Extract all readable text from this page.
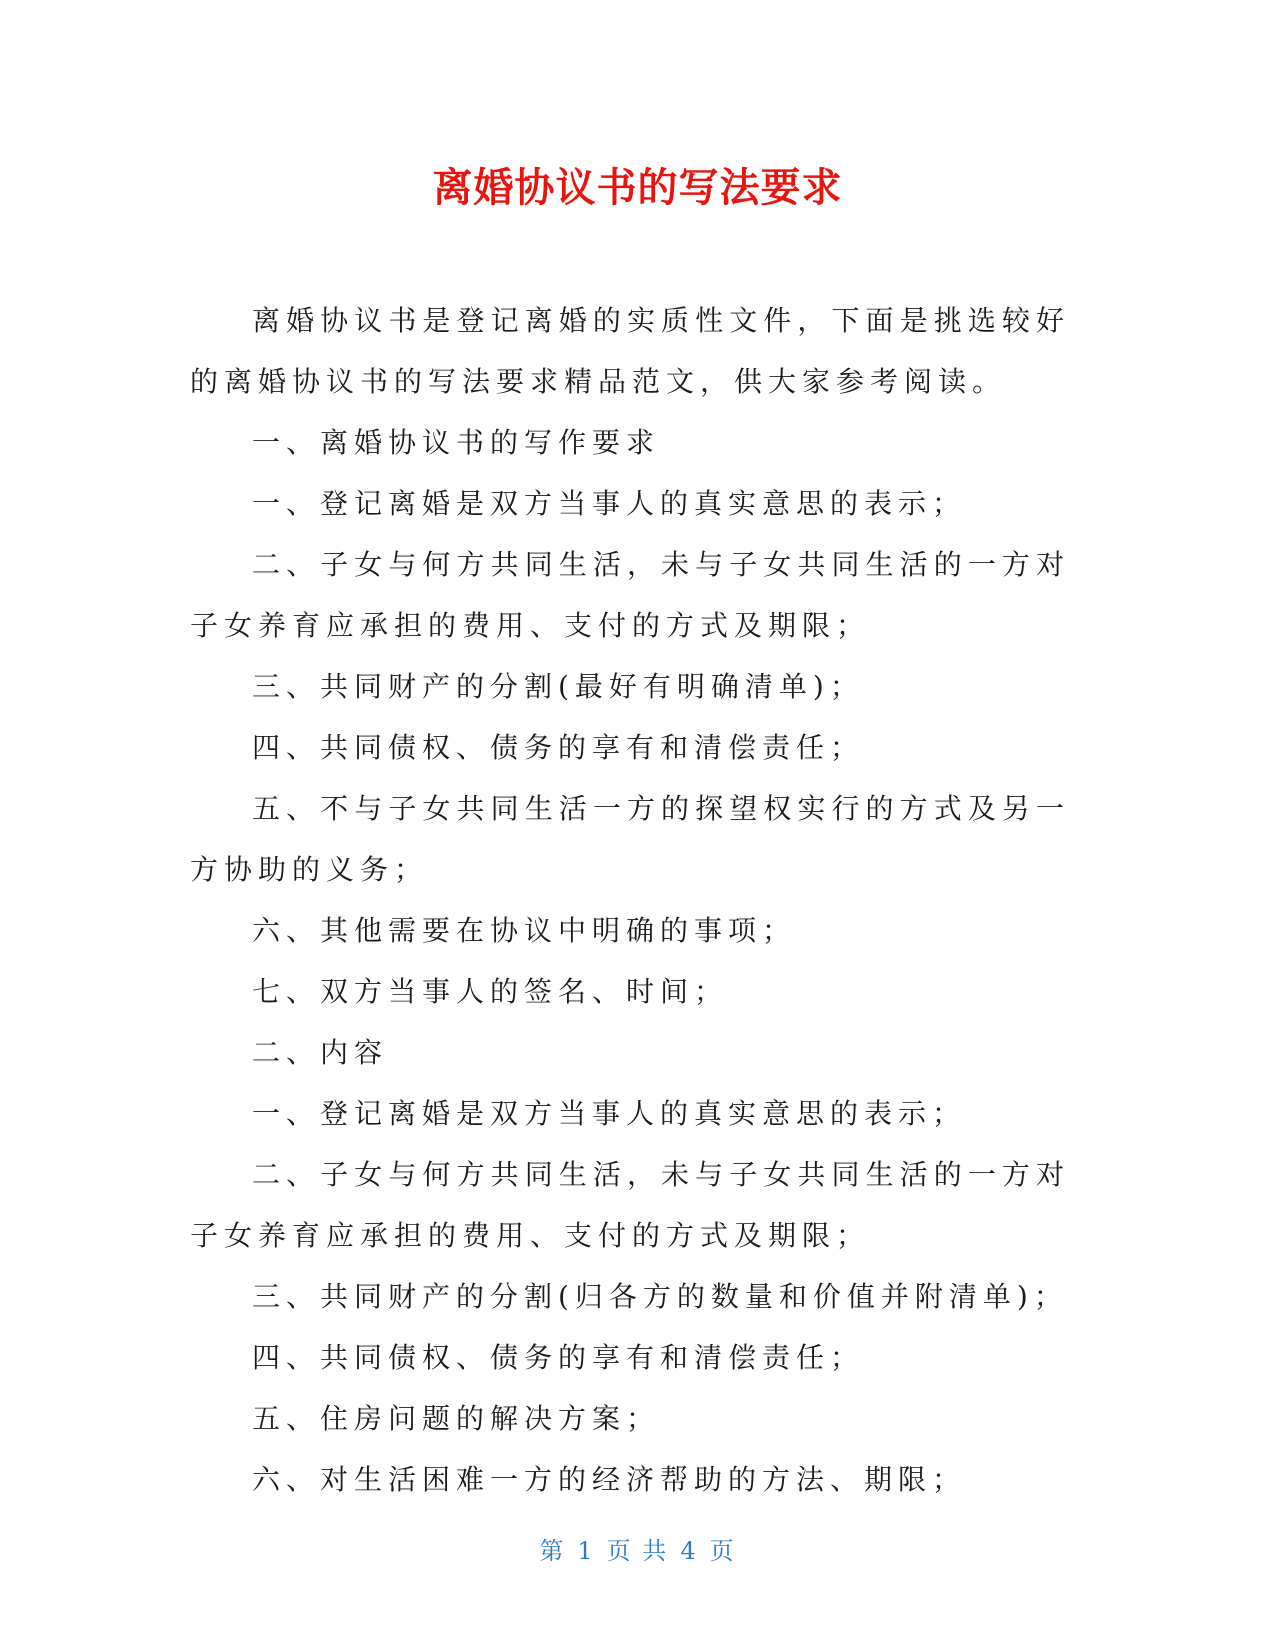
离婚协议书的写法要求

离婚协议书是登记离婚的实质性文件，下面是挑选较好的离婚协议书的写法要求精品范文，供大家参考阅读。

一、离婚协议书的写作要求

一、登记离婚是双方当事人的真实意思的表示；

二、子女与何方共同生活，未与子女共同生活的一方对子女养育应承担的费用、支付的方式及期限；

三、共同财产的分割(最好有明确清单)；

四、共同债权、债务的享有和清偿责任；

五、不与子女共同生活一方的探望权实行的方式及另一方协助的义务；

六、其他需要在协议中明确的事项；

七、双方当事人的签名、时间；

二、内容

一、登记离婚是双方当事人的真实意思的表示；

二、子女与何方共同生活，未与子女共同生活的一方对子女养育应承担的费用、支付的方式及期限；

三、共同财产的分割(归各方的数量和价值并附清单)；

四、共同债权、债务的享有和清偿责任；

五、住房问题的解决方案；

六、对生活困难一方的经济帮助的方法、期限；

第 1 页 共 4 页
